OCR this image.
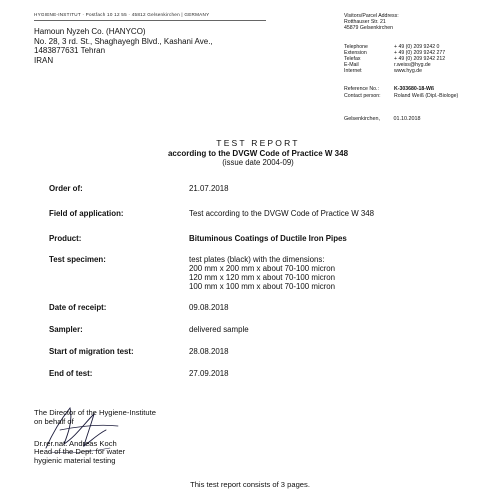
HYGIENE-INSTITUT · Postfach 10 12 55 · 45812 Gelsenkirchen | GERMANY
Hamoun Nyzeh Co. (HANYCO)
No. 28, 3 rd. St., Shaghayegh Blvd., Kashani Ave.,
1483877631 Tehran
IRAN
Visitors/Parcel Address:
Rotthauser Str. 21
45879 Gelsenkirchen
Telephone	+ 49 (0) 209 9242 0
Extension	+ 49 (0) 209 9242 277
Telefax	+ 49 (0) 209 9242 212
E-Mail	r.weiss@hyg.de
Internet	www.hyg.de
Reference No.:	K-303680-18-Wß
Contact person:	Roland Weiß (Dipl.-Biologe)
Gelsenkirchen,	01.10.2018
TEST REPORT
according to the DVGW Code of Practice W 348
(issue date 2004-09)
Order of:	21.07.2018
Field of application:	Test according to the DVGW Code of Practice W 348
Product:	Bituminous Coatings of Ductile Iron Pipes
Test specimen:	test plates (black) with the dimensions:
200 mm x 200 mm x about 70-100 micron
120 mm x 120 mm x about 70-100 micron
100 mm x 100 mm x about 70-100 micron
Date of receipt:	09.08.2018
Sampler:	delivered sample
Start of migration test:	28.08.2018
End of test:	27.09.2018
The Director of the Hygiene-Institute
on behalf of
Dr.rer.nat. Andreas Koch
Head of the Dept. for water
hygienic material testing
This test report consists of 3 pages.
